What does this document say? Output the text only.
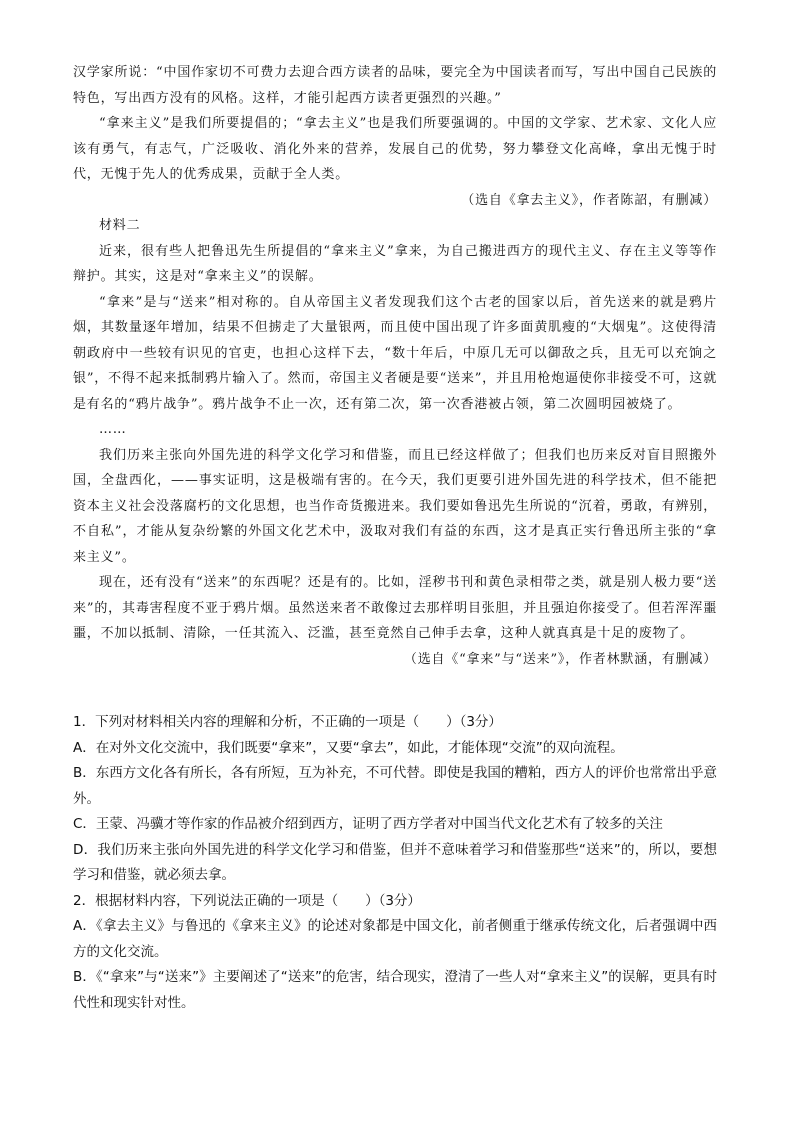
汉学家所说：“中国作家切不可费力去迎合西方读者的品味，要完全为中国读者而写，写出中国自己民族的特色，写出西方没有的风格。这样，才能引起西方读者更强烈的兴趣。”

“拿来主义”是我们所要提倡的；“拿去主义”也是我们所要强调的。中国的文学家、艺术家、文化人应该有勇气，有志气，广泛吸收、消化外来的营养，发展自己的优势，努力攀登文化高峰，拿出无愧于时代，无愧于先人的优秀成果，贡献于全人类。

（选自《拿去主义》，作者陈詔，有删减）

材料二

近来，很有些人把鲁迅先生所提倡的“拿来主义”拿来，为自己搬进西方的现代主义、存在主义等等作辩护。其实，这是对“拿来主义”的误解。

“拿来”是与“送来”相对称的。自从帝国主义者发现我们这个古老的国家以后，首先送来的就是鸦片烟，其数量逐年增加，结果不但掳走了大量银两，而且使中国出现了许多面黄肌瘦的“大烟鬼”。这使得清朝政府中一些较有识见的官吏，也担心这样下去，“数十年后，中原几无可以御敌之兵，且无可以充饷之银”，不得不起来抵制鸦片输入了。然而，帝国主义者硬是要“送来”，并且用枪炮逼使你非接受不可，这就是有名的“鸦片战争”。鸦片战争不止一次，还有第二次，第一次香港被占领，第二次圆明园被烧了。

……

我们历来主张向外国先进的科学文化学习和借鉴，而且已经这样做了；但我们也历来反对盲目照搬外国，全盘西化，——事实证明，这是极端有害的。在今天，我们更要引进外国先进的科学技术，但不能把资本主义社会没落腐朽的文化思想，也当作奇货搬进来。我们要如鲁迅先生所说的“沉着，勇敢，有辨别，不自私”，才能从复杂纷繁的外国文化艺术中，汲取对我们有益的东西，这才是真正实行鲁迅所主张的“拿来主义”。

现在，还有没有“送来”的东西呢？还是有的。比如，淫秽书刊和黄色录相带之类，就是别人极力要“送来”的，其毒害程度不亚于鸦片烟。虽然送来者不敢像过去那样明目张胆，并且强迫你接受了。但若浑浑噩噩，不加以抵制、清除，一任其流入、泛滥，甚至竟然自己伸手去拿，这种人就真真是十足的废物了。

（选自《“拿来”与“送来”》，作者林默涵，有删减）

1．下列对材料相关内容的理解和分析，不正确的一项是（　　）（3分）

A．在对外文化交流中，我们既要“拿来”，又要“拿去”，如此，才能体现“交流”的双向流程。

B．东西方文化各有所长，各有所短，互为补充，不可代替。即使是我国的糟粕，西方人的评价也常常出乎意外。

C．王蒙、冯骥才等作家的作品被介绍到西方，证明了西方学者对中国当代文化艺术有了较多的关注

D．我们历来主张向外国先进的科学文化学习和借鉴，但并不意味着学习和借鉴那些“送来”的，所以，要想学习和借鉴，就必须去拿。

2．根据材料内容，下列说法正确的一项是（　　）（3分）

A．《拿去主义》与鲁迅的《拿来主义》的论述对象都是中国文化，前者侧重于继承传统文化，后者强调中西方的文化交流。

B．《“拿来”与“送来”》主要阐述了“送来”的危害，结合现实，澄清了一些人对“拿来主义”的误解，更具有时代性和现实针对性。
